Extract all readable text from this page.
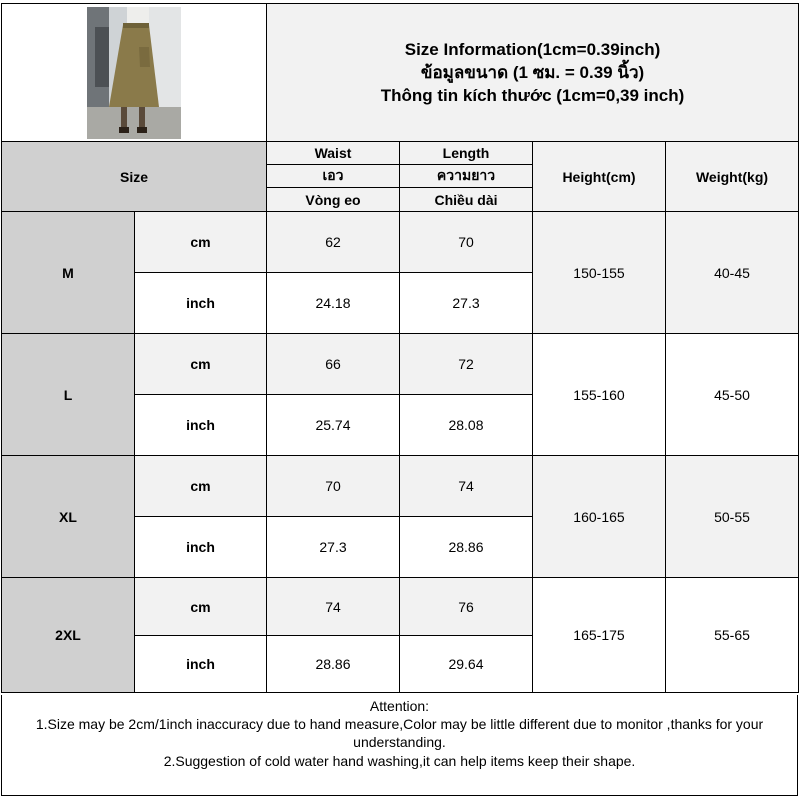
Size Information(1cm=0.39inch)
ข้อมูลขนาด (1 ซม. = 0.39 นิ้ว)
Thông tin kích thước (1cm=0,39 inch)			

Size		Waist	Length	Height(cm)	Weight(kg)
		เอว	ความยาว		
		Vòng eo	Chiều dài		
M	cm	62	70	150-155	40-45
	inch	24.18	27.3		
L	cm	66	72	155-160	45-50
	inch	25.74	28.08		
XL	cm	70	74	160-165	50-55
	inch	27.3	28.86		
2XL	cm	74	76	165-175	55-65
	inch	28.86	29.64		
Attention:
1.Size may be 2cm/1inch inaccuracy due to hand measure,Color may be little different due to monitor ,thanks for your understanding.
2.Suggestion of cold water hand washing,it can help items keep their shape.
